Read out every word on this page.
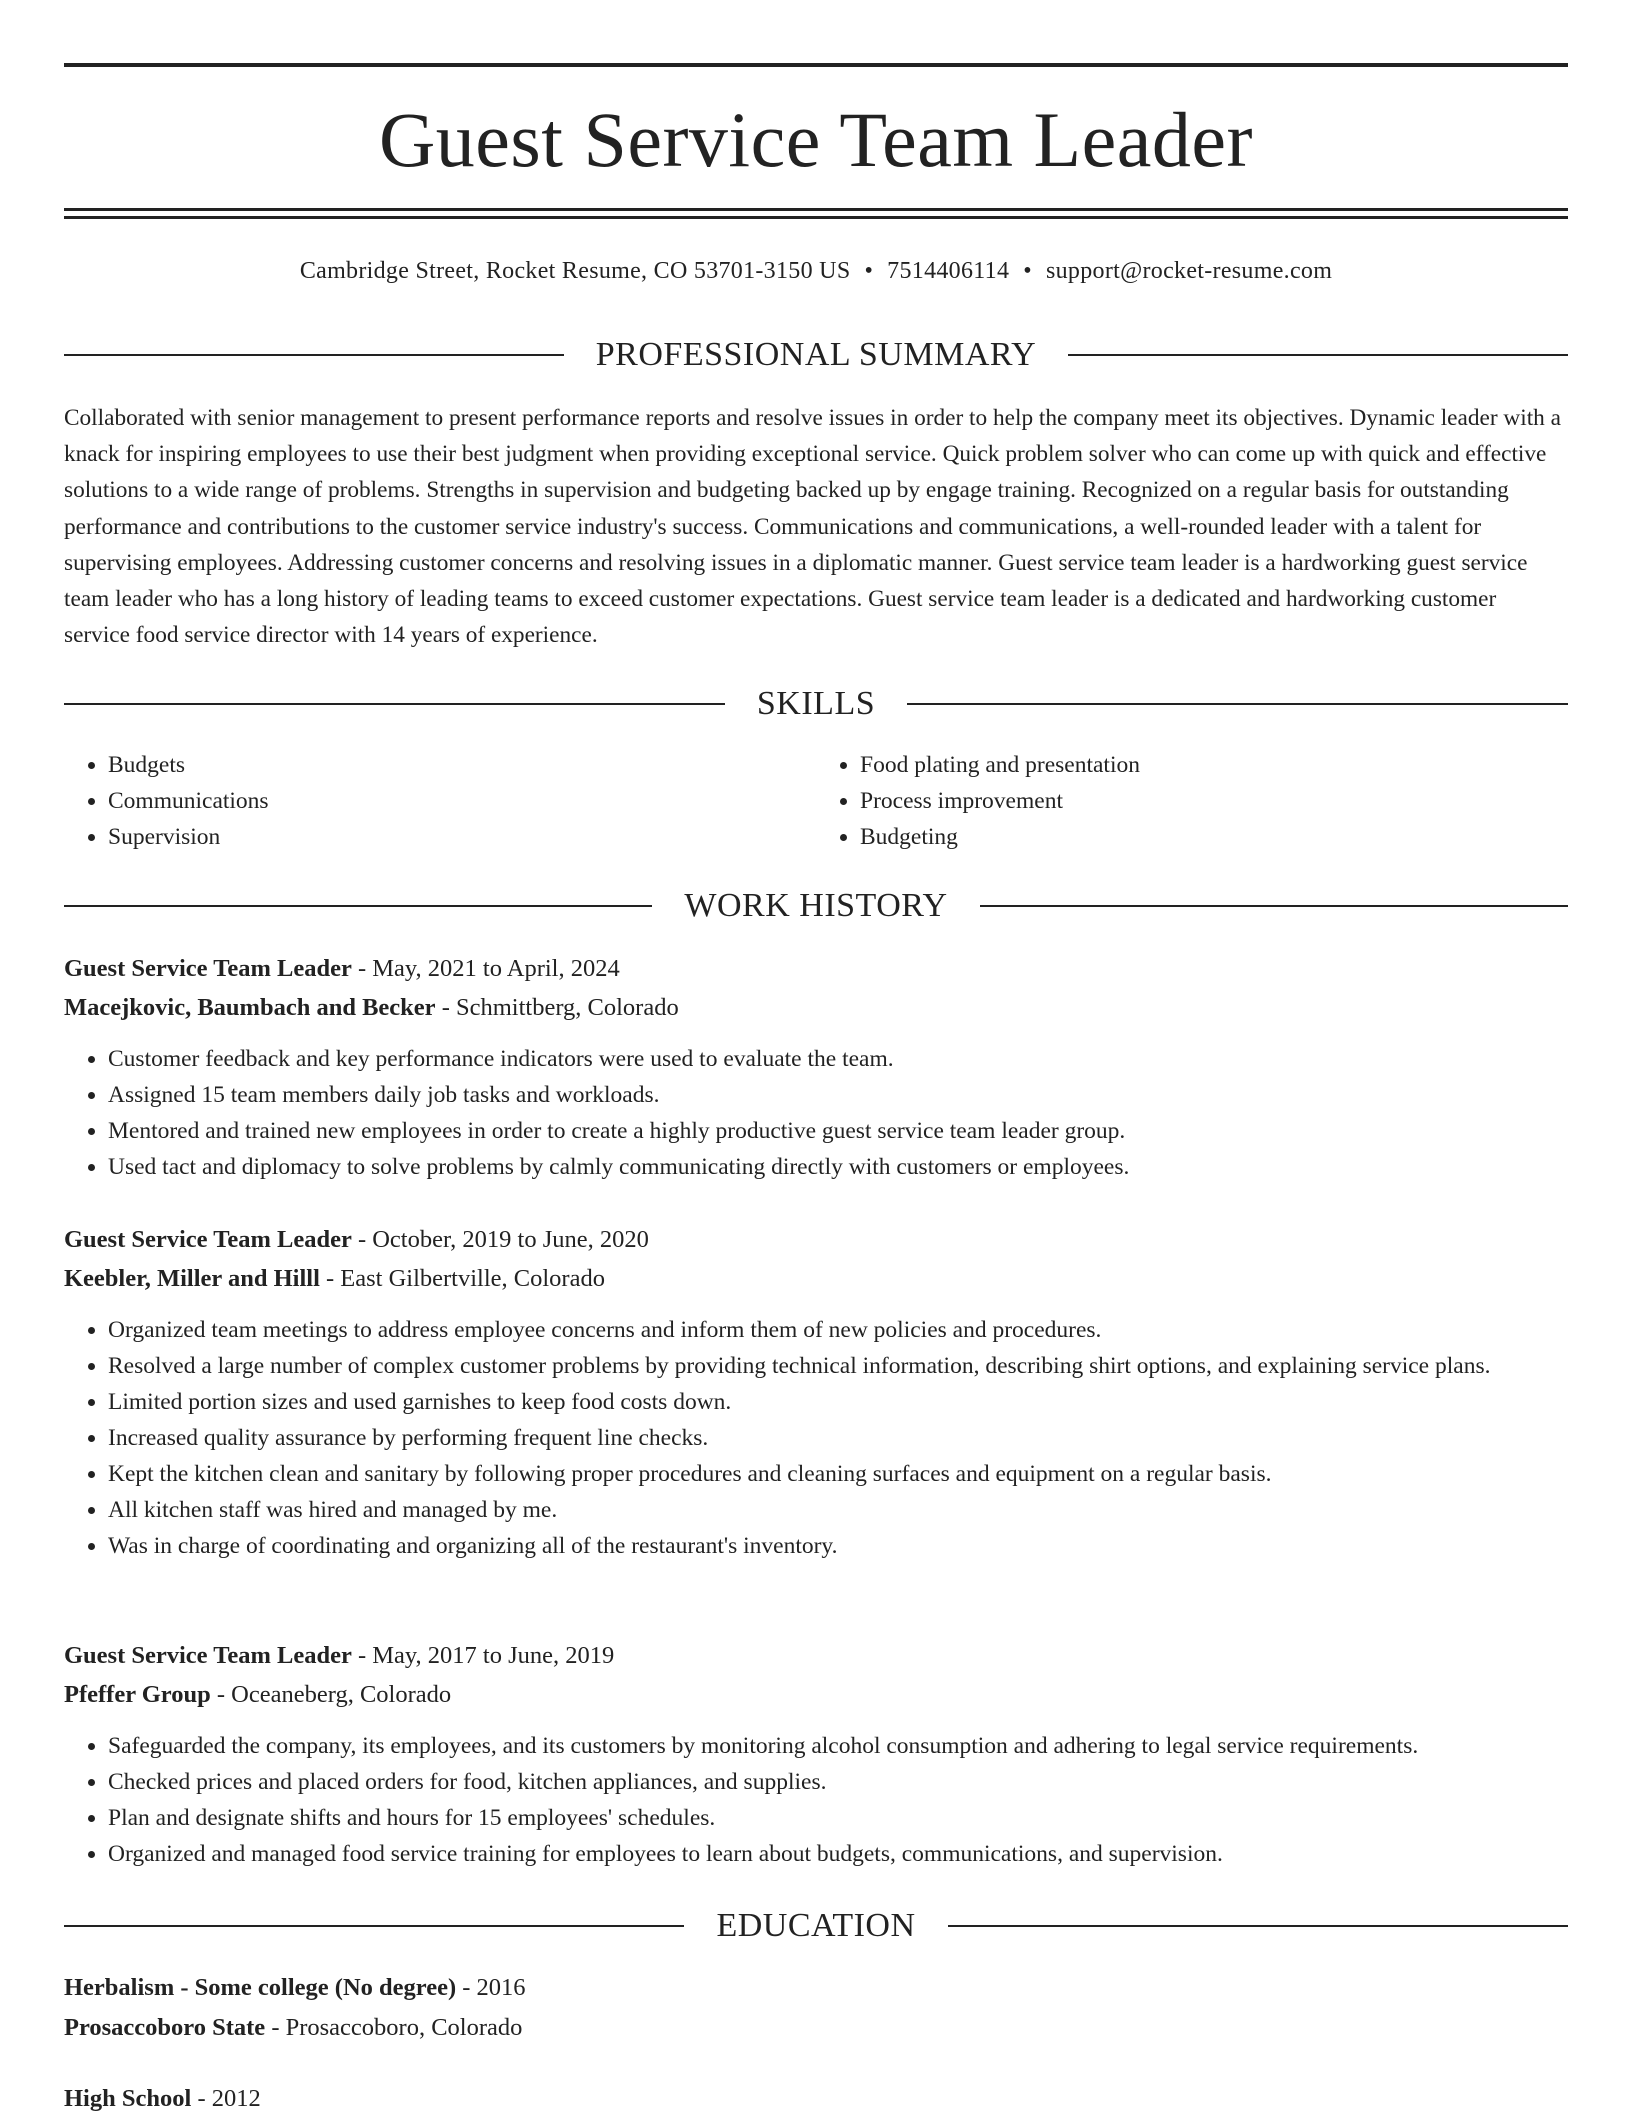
Guest Service Team Leader
Cambridge Street, Rocket Resume, CO 53701-3150 US • 7514406114 • support@rocket-resume.com
PROFESSIONAL SUMMARY

Collaborated with senior management to present performance reports and resolve issues in order to help the company meet its objectives. Dynamic leader with a knack for inspiring employees to use their best judgment when providing exceptional service. Quick problem solver who can come up with quick and effective solutions to a wide range of problems. Strengths in supervision and budgeting backed up by engage training. Recognized on a regular basis for outstanding performance and contributions to the customer service industry's success. Communications and communications, a well-rounded leader with a talent for supervising employees. Addressing customer concerns and resolving issues in a diplomatic manner. Guest service team leader is a hardworking guest service team leader who has a long history of leading teams to exceed customer expectations. Guest service team leader is a dedicated and hardworking customer service food service director with 14 years of experience.

SKILLS
• Budgets
• Communications
• Supervision
• Food plating and presentation
• Process improvement
• Budgeting
WORK HISTORY
Guest Service Team Leader - May, 2021 to April, 2024
Macejkovic, Baumbach and Becker - Schmittberg, Colorado
• Customer feedback and key performance indicators were used to evaluate the team.
• Assigned 15 team members daily job tasks and workloads.
• Mentored and trained new employees in order to create a highly productive guest service team leader group.
• Used tact and diplomacy to solve problems by calmly communicating directly with customers or employees.
Guest Service Team Leader - October, 2019 to June, 2020
Keebler, Miller and Hilll - East Gilbertville, Colorado
• Organized team meetings to address employee concerns and inform them of new policies and procedures.
• Resolved a large number of complex customer problems by providing technical information, describing shirt options, and explaining service plans.
• Limited portion sizes and used garnishes to keep food costs down.
• Increased quality assurance by performing frequent line checks.
• Kept the kitchen clean and sanitary by following proper procedures and cleaning surfaces and equipment on a regular basis.
• All kitchen staff was hired and managed by me.
• Was in charge of coordinating and organizing all of the restaurant's inventory.
Guest Service Team Leader - May, 2017 to June, 2019
Pfeffer Group - Oceaneberg, Colorado
• Safeguarded the company, its employees, and its customers by monitoring alcohol consumption and adhering to legal service requirements.
• Checked prices and placed orders for food, kitchen appliances, and supplies.
• Plan and designate shifts and hours for 15 employees' schedules.
• Organized and managed food service training for employees to learn about budgets, communications, and supervision.
EDUCATION
Herbalism - Some college (No degree) - 2016
Prosaccoboro State - Prosaccoboro, Colorado
High School - 2012
